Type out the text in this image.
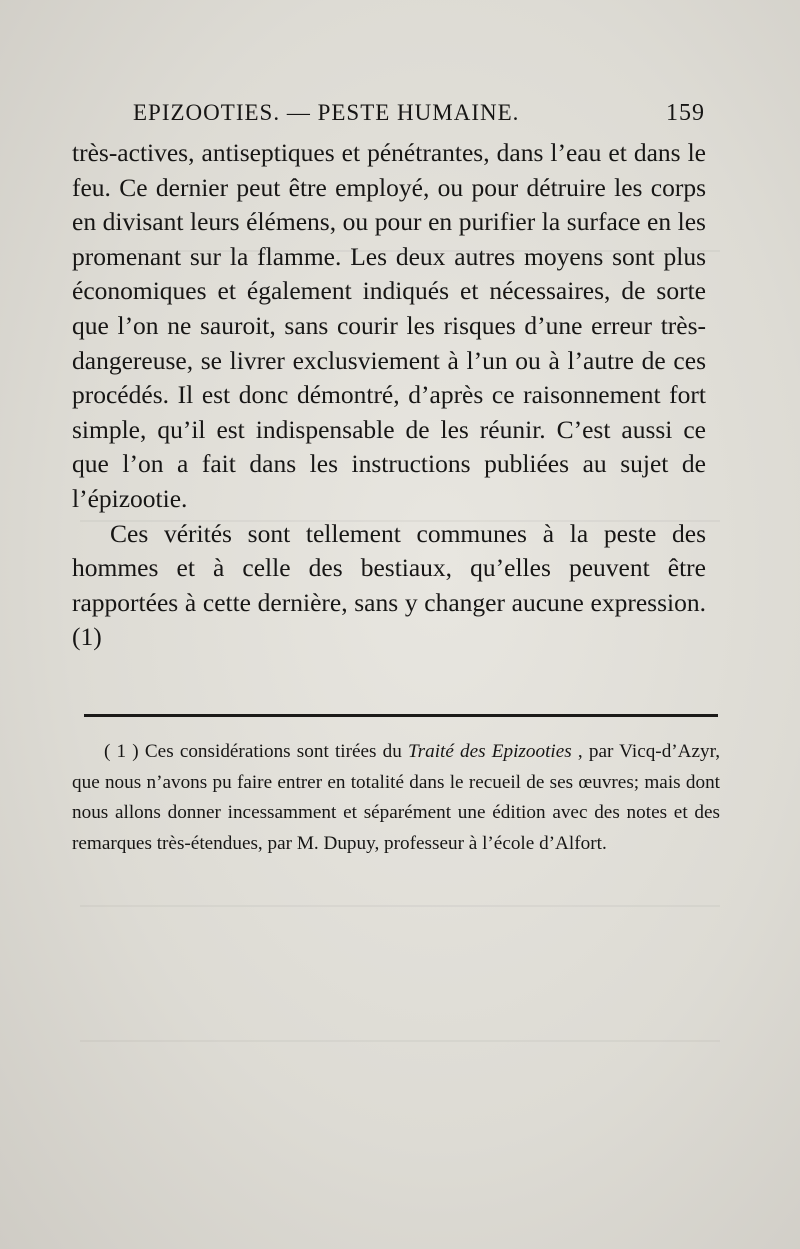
EPIZOOTIES. — PESTE HUMAINE.	159

très-actives, antiseptiques et pénétrantes, dans l’eau et dans le feu. Ce dernier peut être employé, ou pour détruire les corps en divisant leurs élémens, ou pour en purifier la surface en les promenant sur la flamme. Les deux autres moyens sont plus économiques et également indiqués et nécessaires, de sorte que l’on ne sauroit, sans courir les risques d’une erreur très-dangereuse, se livrer exclusviement à l’un ou à l’autre de ces procédés. Il est donc démontré, d’après ce raisonnement fort simple, qu’il est indispensable de les réunir. C’est aussi ce que l’on a fait dans les instructions publiées au sujet de l’épizootie.

Ces vérités sont tellement communes à la peste des hommes et à celle des bestiaux, qu’elles peuvent être rapportées à cette dernière, sans y changer aucune expression. (1)

( 1 ) Ces considérations sont tirées du Traité des Epizooties , par Vicq-d’Azyr, que nous n’avons pu faire entrer en totalité dans le recueil de ses œuvres; mais dont nous allons donner incessamment et séparément une édition avec des notes et des remarques très-étendues, par M. Dupuy, professeur à l’école d’Alfort.
